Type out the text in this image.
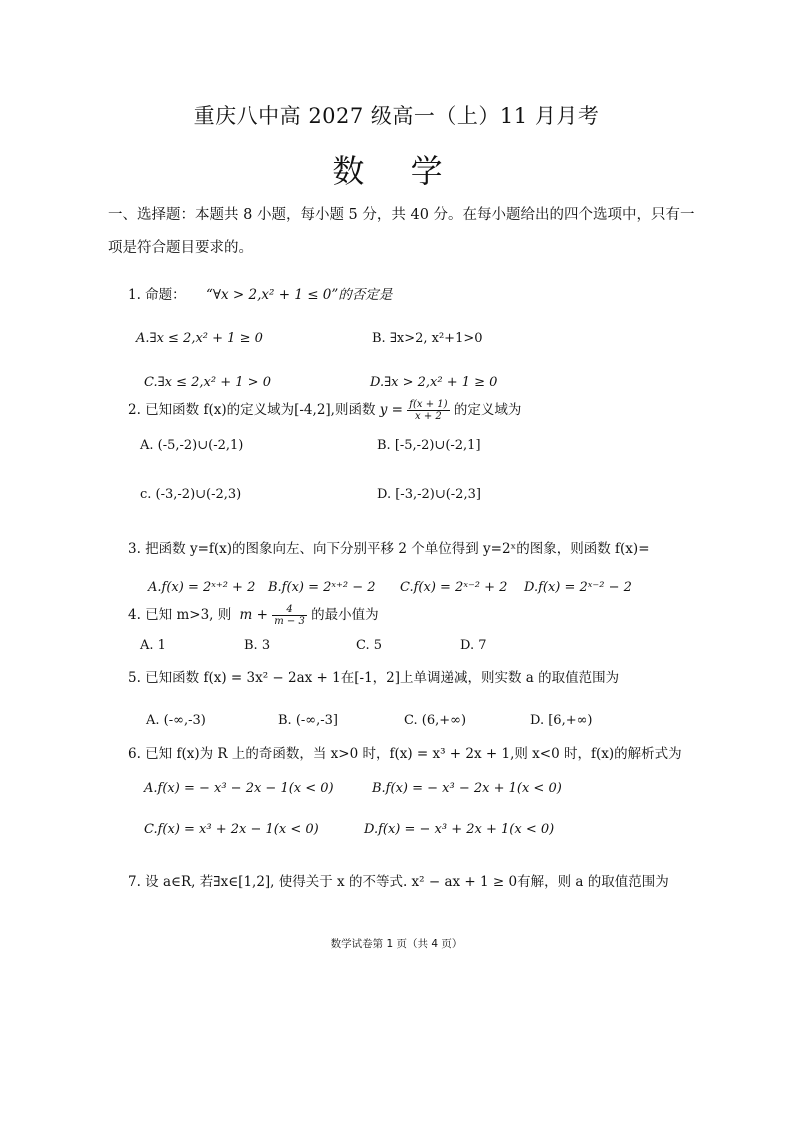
重庆八中高 2027 级高一（上）11 月月考
数 学
一、选择题：本题共 8 小题，每小题 5 分，共 40 分。在每小题给出的四个选项中，只有一
项是符合题目要求的。
1. 命题： “∀x > 2,x² + 1 ≤ 0”的否定是
A.∃x ≤ 2,x² + 1 ≥ 0	B. ∃x>2, x²+1>0
C.∃x ≤ 2,x² + 1 > 0	D.∃x > 2,x² + 1 ≥ 0
2. 已知函数 f(x)的定义域为[-4,2],则函数 $y = \frac{f(x + 1)}{x + 2}$ 的定义域为
A. (-5,-2)∪(-2,1)	B. [-5,-2)∪(-2,1]
c. (-3,-2)∪(-2,3)	D. [-3,-2)∪(-2,3]
3. 把函数 y=f(x)的图象向左、向下分别平移 2 个单位得到 y=2ˣ的图象，则函数 f(x)=
A.f(x) = 2ˣ⁺² + 2 B.f(x) = 2ˣ⁺² − 2 C.f(x) = 2ˣ⁻² + 2 D.f(x) = 2ˣ⁻² − 2
4. 已知 m>3, 则 $m + \frac{4}{m - 3}$ 的最小值为
A. 1	B. 3	C. 5	D. 7
5. 已知函数 f(x) = 3x² − 2ax + 1在[-1，2]上单调递减，则实数 a 的取值范围为
A. (-∞,-3)	B. (-∞,-3]	C. (6,+∞)	D. [6,+∞)
6. 已知 f(x)为 R 上的奇函数，当 x>0 时，f(x) = x³ + 2x + 1,则 x<0 时，f(x)的解析式为
A.f(x) = − x³ − 2x − 1(x < 0)	B.f(x) = − x³ − 2x + 1(x < 0)
C.f(x) = x³ + 2x − 1(x < 0)	D.f(x) = − x³ + 2x + 1(x < 0)
7. 设 a∈R, 若∃x∈[1,2], 使得关于 x 的不等式. x² − ax + 1 ≥ 0有解，则 a 的取值范围为
数学试卷第 1 页（共 4 页）
